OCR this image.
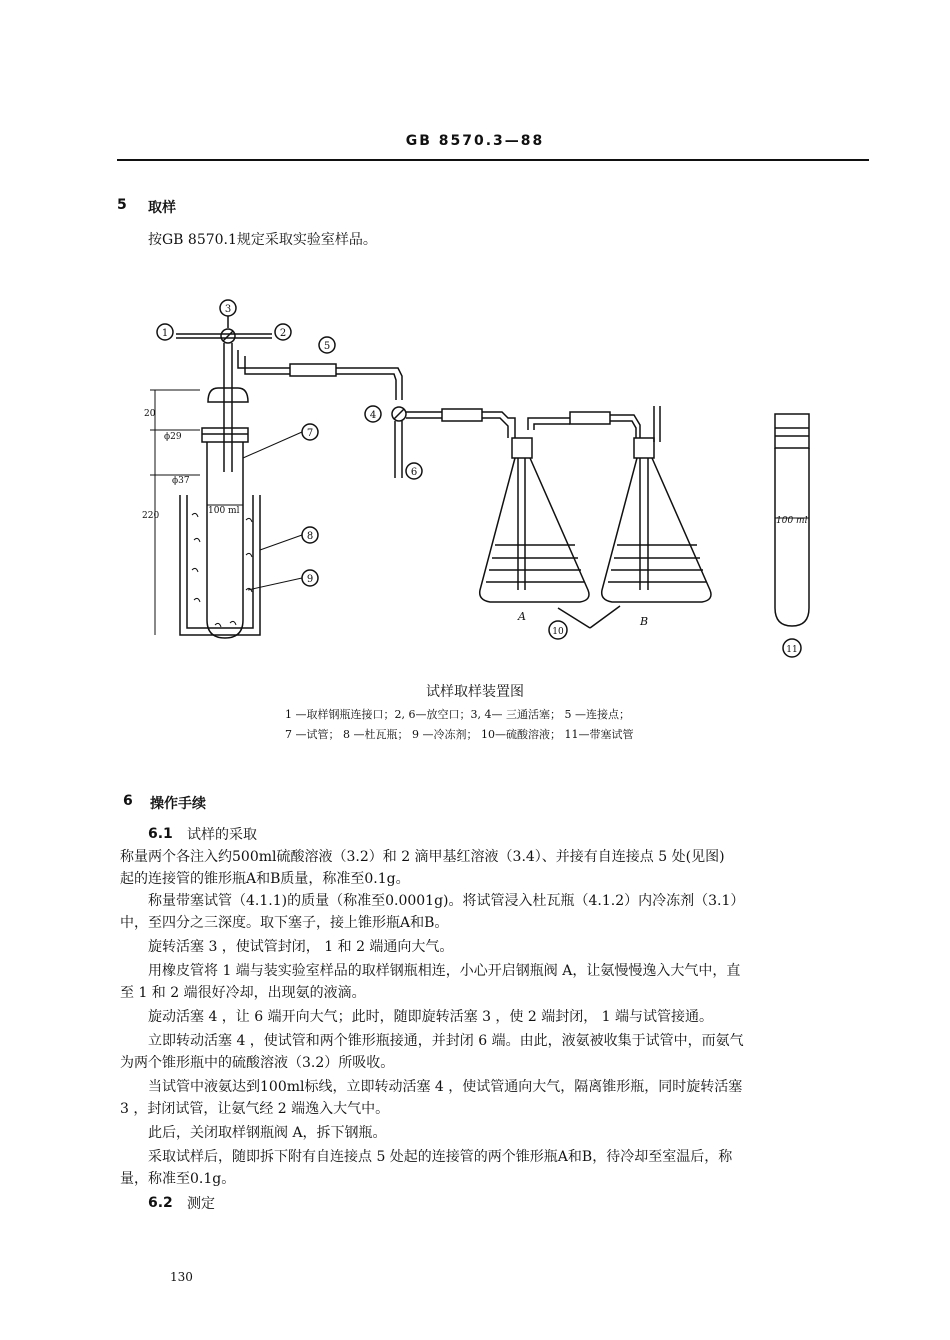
GB 8570.3—88
5 取样
按GB 8570.1规定采取实验室样品。
1	2
3
5
4
6
A	B
10
20
220
ϕ29
ϕ37
100 ml
7
8
9
100 ml
11
试样取样装置图
1 —取样钢瓶连接口；2, 6—放空口；3, 4— 三通活塞； 5 —连接点；
7 —试管； 8 —杜瓦瓶； 9 —冷冻剂； 10—硫酸溶液； 11—带塞试管
6 操作手续
6.1 试样的采取
称量两个各注入约500ml硫酸溶液（3.2）和 2 滴甲基红溶液（3.4）、并接有自连接点 5 处(见图)
起的连接管的锥形瓶A和B质量，称准至0.1g。
称量带塞试管（4.1.1)的质量（称准至0.0001g)。将试管浸入杜瓦瓶（4.1.2）内冷冻剂（3.1）
中，至四分之三深度。取下塞子，接上锥形瓶A和B。
旋转活塞 3 ，使试管封闭， 1 和 2 端通向大气。
用橡皮管将 1 端与装实验室样品的取样钢瓶相连，小心开启钢瓶阀 A，让氨慢慢逸入大气中，直
至 1 和 2 端很好冷却，出现氨的液滴。
旋动活塞 4 ，让 6 端开向大气；此时，随即旋转活塞 3 ，使 2 端封闭， 1 端与试管接通。
立即转动活塞 4 ，使试管和两个锥形瓶接通，并封闭 6 端。由此，液氨被收集于试管中，而氨气
为两个锥形瓶中的硫酸溶液（3.2）所吸收。
当试管中液氨达到100ml标线，立即转动活塞 4 ，使试管通向大气，隔离锥形瓶，同时旋转活塞
3 ，封闭试管，让氨气经 2 端逸入大气中。
此后，关闭取样钢瓶阀 A，拆下钢瓶。
采取试样后，随即拆下附有自连接点 5 处起的连接管的两个锥形瓶A和B，待冷却至室温后，称
量，称准至0.1g。
6.2 测定
130
